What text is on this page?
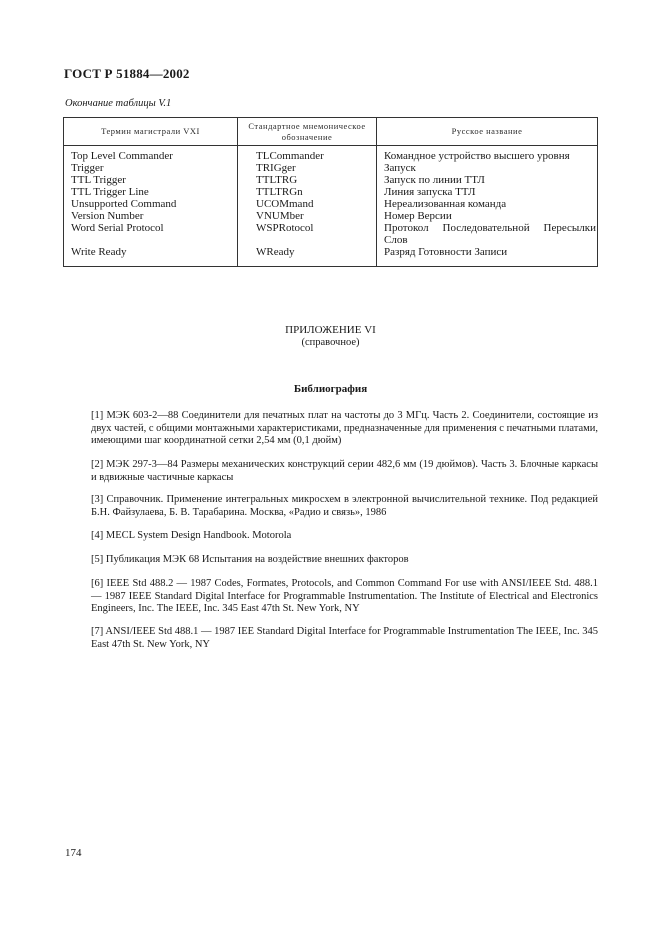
ГОСТ Р 51884—2002
Окончание таблицы V.1
Термин магистрали VXI
Стандартное мнемоническое обозначение
Русское название
Top Level Commander
Trigger
TTL Trigger
TTL Trigger Line
Unsupported Command
Version Number
Word Serial Protocol
Write Ready
TLCommander
TRIGger
TTLTRG
TTLTRGn
UCOMmand
VNUMber
WSPRotocol
WReady
Командное устройство высшего уровня
Запуск
Запуск по линии ТТЛ
Линия запуска ТТЛ
Нереализованная команда
Номер Версии
Протокол Последовательной Пересылки Слов
Разряд Готовности Записи
ПРИЛОЖЕНИЕ VI
(справочное)
Библиография
[1] МЭК 603-2—88 Соединители для печатных плат на частоты до 3 МГц. Часть 2. Соединители, состоящие из двух частей, с общими монтажными характеристиками, предназначенные для применения с печатными платами, имеющими шаг координатной сетки 2,54 мм (0,1 дюйм)
[2] МЭК 297-3—84 Размеры механических конструкций серии 482,6 мм (19 дюймов). Часть 3. Блочные каркасы и вдвижные частичные каркасы
[3] Справочник. Применение интегральных микросхем в электронной вычислительной технике. Под редакцией Б.Н. Файзулаева, Б. В. Тарабарина. Москва, «Радио и связь», 1986
[4] MECL System Design Handbook. Motorola
[5] Публикация МЭК 68 Испытания на воздействие внешних факторов
[6] IEEE Std 488.2 — 1987 Codes, Formates, Protocols, and Common Command For use with ANSI/IEEE Std. 488.1 — 1987 IEEE Standard Digital Interface for Programmable Instrumentation. The Institute of Electrical and Electronics Engineers, Inc. The IEEE, Inc. 345 East 47th St. New York, NY
[7] ANSI/IEEE Std 488.1 — 1987 IEE Standard Digital Interface for Programmable Instrumentation The IEEE, Inc. 345 East 47th St. New York, NY
174
